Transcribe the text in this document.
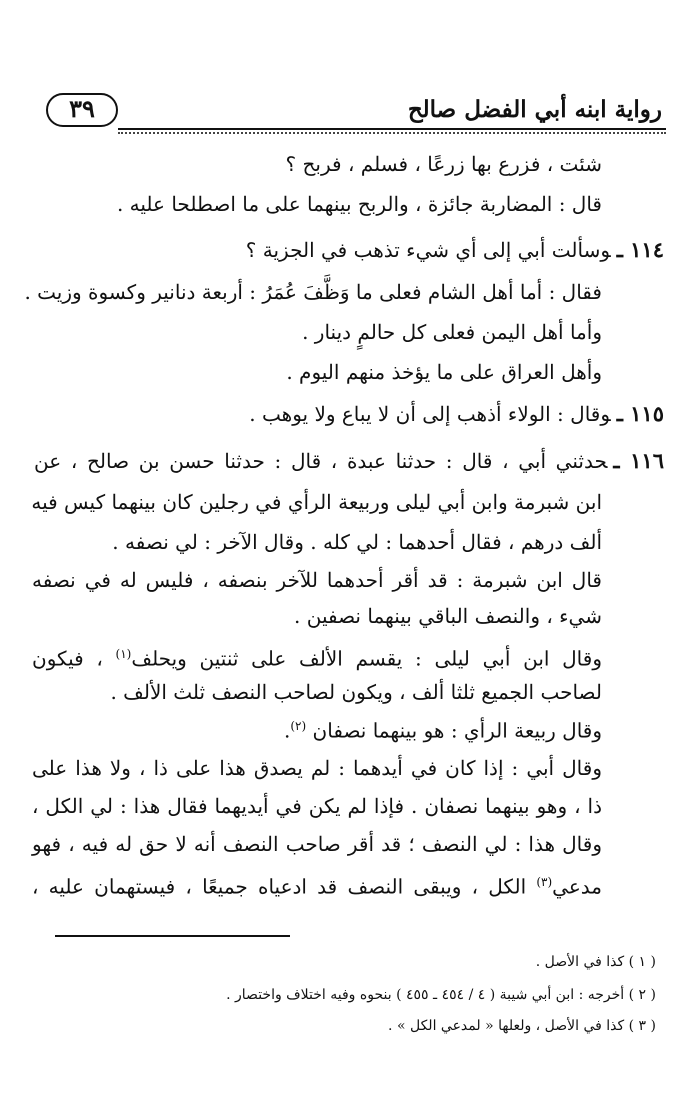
رواية ابنه أبي الفضل صالح
٣٩
شئت ، فزرع بها زرعًا ، فسلم ، فربح ؟
قال : المضاربة جائزة ، والربح بينهما على ما اصطلحا عليه .
١١٤ ـوسألت أبي إلى أي شيء تذهب في الجزية ؟
فقال : أما أهل الشام فعلى ما وَظَّفَ عُمَرُ : أربعة دنانير وكسوة وزيت .
وأما أهل اليمن فعلى كل حالمٍ دينار .
وأهل العراق على ما يؤخذ منهم اليوم .
١١٥ ـوقال : الولاء أذهب إلى أن لا يباع ولا يوهب .
١١٦ ـحدثني أبي ، قال : حدثنا عبدة ، قال : حدثنا حسن بن صالح ، عن
ابن شبرمة وابن أبي ليلى وربيعة الرأي في رجلين كان بينهما كيس فيه
ألف درهم ، فقال أحدهما : لي كله . وقال الآخر : لي نصفه .
قال ابن شبرمة : قد أقر أحدهما للآخر بنصفه ، فليس له في نصفه
شيء ، والنصف الباقي بينهما نصفين .
وقال ابن أبي ليلى : يقسم الألف على ثنتين ويحلف$^{(١)}$ ، فيكون
لصاحب الجميع ثلثا ألف ، ويكون لصاحب النصف ثلث الألف .
وقال ربيعة الرأي : هو بينهما نصفان $^{(٢)}$.
وقال أبي : إذا كان في أيدهما : لم يصدق هذا على ذا ، ولا هذا على
ذا ، وهو بينهما نصفان . فإذا لم يكن في أيديهما فقال هذا : لي الكل ،
وقال هذا : لي النصف ؛ قد أقر صاحب النصف أنه لا حق له فيه ، فهو
مدعي$^{(٣)}$ الكل ، ويبقى النصف قد ادعياه جميعًا ، فيستهمان عليه ،
( ١ ) كذا في الأصل .
( ٢ ) أخرجه : ابن أبي شيبة ( ٤ / ٤٥٤ ـ ٤٥٥ ) بنحوه وفيه اختلاف واختصار .
( ٣ ) كذا في الأصل ، ولعلها « لمدعي الكل » .
